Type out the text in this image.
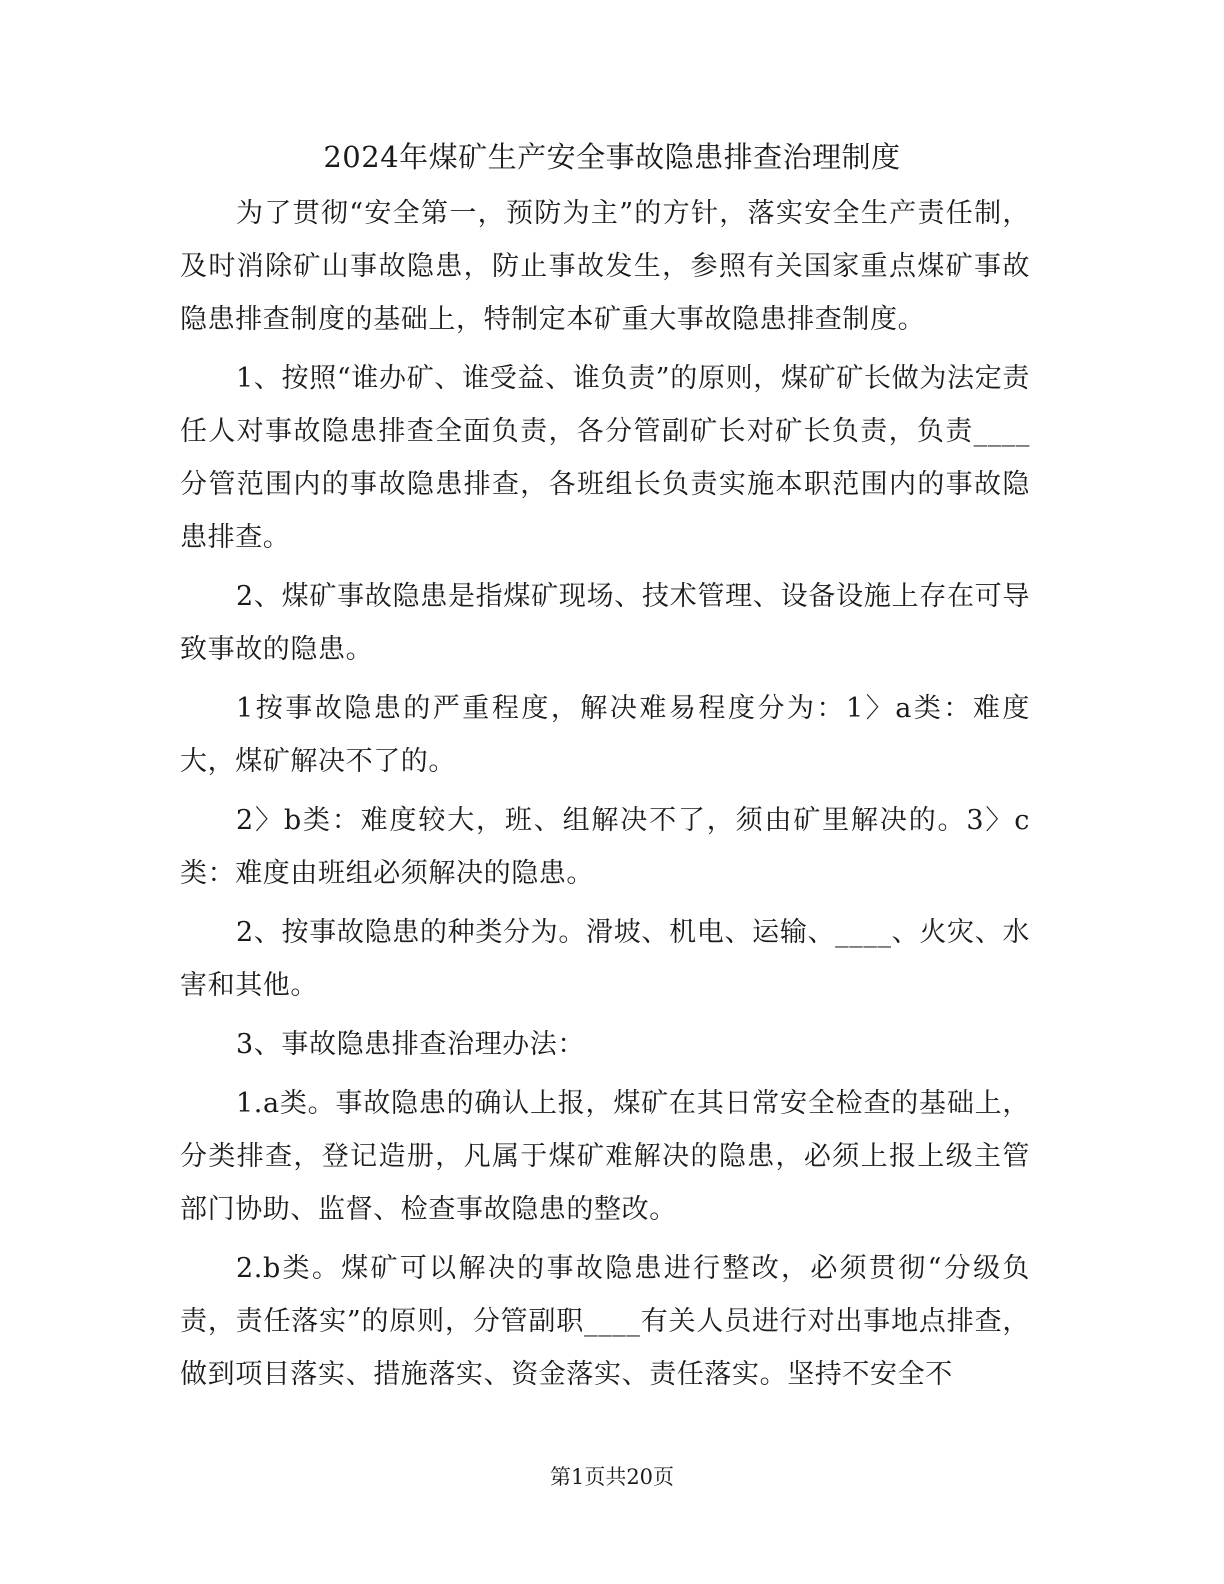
2024年煤矿生产安全事故隐患排查治理制度

为了贯彻“安全第一，预防为主”的方针，落实安全生产责任制，及时消除矿山事故隐患，防止事故发生，参照有关国家重点煤矿事故隐患排查制度的基础上，特制定本矿重大事故隐患排查制度。

1、按照“谁办矿、谁受益、谁负责”的原则，煤矿矿长做为法定责任人对事故隐患排查全面负责，各分管副矿长对矿长负责，负责____分管范围内的事故隐患排查，各班组长负责实施本职范围内的事故隐患排查。

2、煤矿事故隐患是指煤矿现场、技术管理、设备设施上存在可导致事故的隐患。

1按事故隐患的严重程度，解决难易程度分为：1〉a类：难度大，煤矿解决不了的。

2〉b类：难度较大，班、组解决不了，须由矿里解决的。3〉c类：难度由班组必须解决的隐患。

2、按事故隐患的种类分为。滑坡、机电、运输、____、火灾、水害和其他。

3、事故隐患排查治理办法：

1.a类。事故隐患的确认上报，煤矿在其日常安全检查的基础上，分类排查，登记造册，凡属于煤矿难解决的隐患，必须上报上级主管部门协助、监督、检查事故隐患的整改。

2.b类。煤矿可以解决的事故隐患进行整改，必须贯彻“分级负责，责任落实”的原则，分管副职____有关人员进行对出事地点排查，做到项目落实、措施落实、资金落实、责任落实。坚持不安全不

第1页共20页
